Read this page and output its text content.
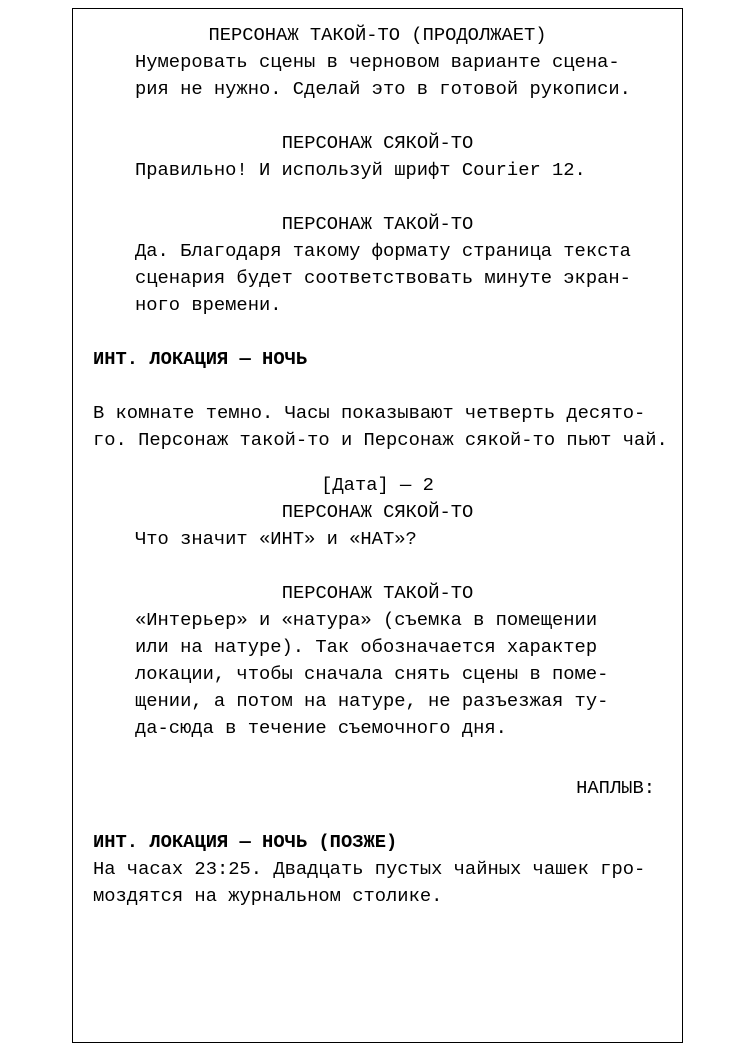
ПЕРСОНАЖ ТАКОЙ-ТО (ПРОДОЛЖАЕТ)
Нумеровать сцены в черновом варианте сцена-
рия не нужно. Сделай это в готовой рукописи.
ПЕРСОНАЖ СЯКОЙ-ТО
Правильно! И используй шрифт Courier 12.
ПЕРСОНАЖ ТАКОЙ-ТО
Да. Благодаря такому формату страница текста
сценария будет соответствовать минуте экран-
ного времени.
ИНТ. ЛОКАЦИЯ — НОЧЬ
В комнате темно. Часы показывают четверть десято-
го. Персонаж такой-то и Персонаж сякой-то пьют чай.
[Дата] — 2
ПЕРСОНАЖ СЯКОЙ-ТО
Что значит «ИНТ» и «НАТ»?
ПЕРСОНАЖ ТАКОЙ-ТО
«Интерьер» и «натура» (съемка в помещении
или на натуре). Так обозначается характер
локации, чтобы сначала снять сцены в поме-
щении, а потом на натуре, не разъезжая ту-
да-сюда в течение съемочного дня.
НАПЛЫВ:
ИНТ. ЛОКАЦИЯ — НОЧЬ (ПОЗЖЕ)
На часах 23:25. Двадцать пустых чайных чашек гро-
моздятся на журнальном столике.
